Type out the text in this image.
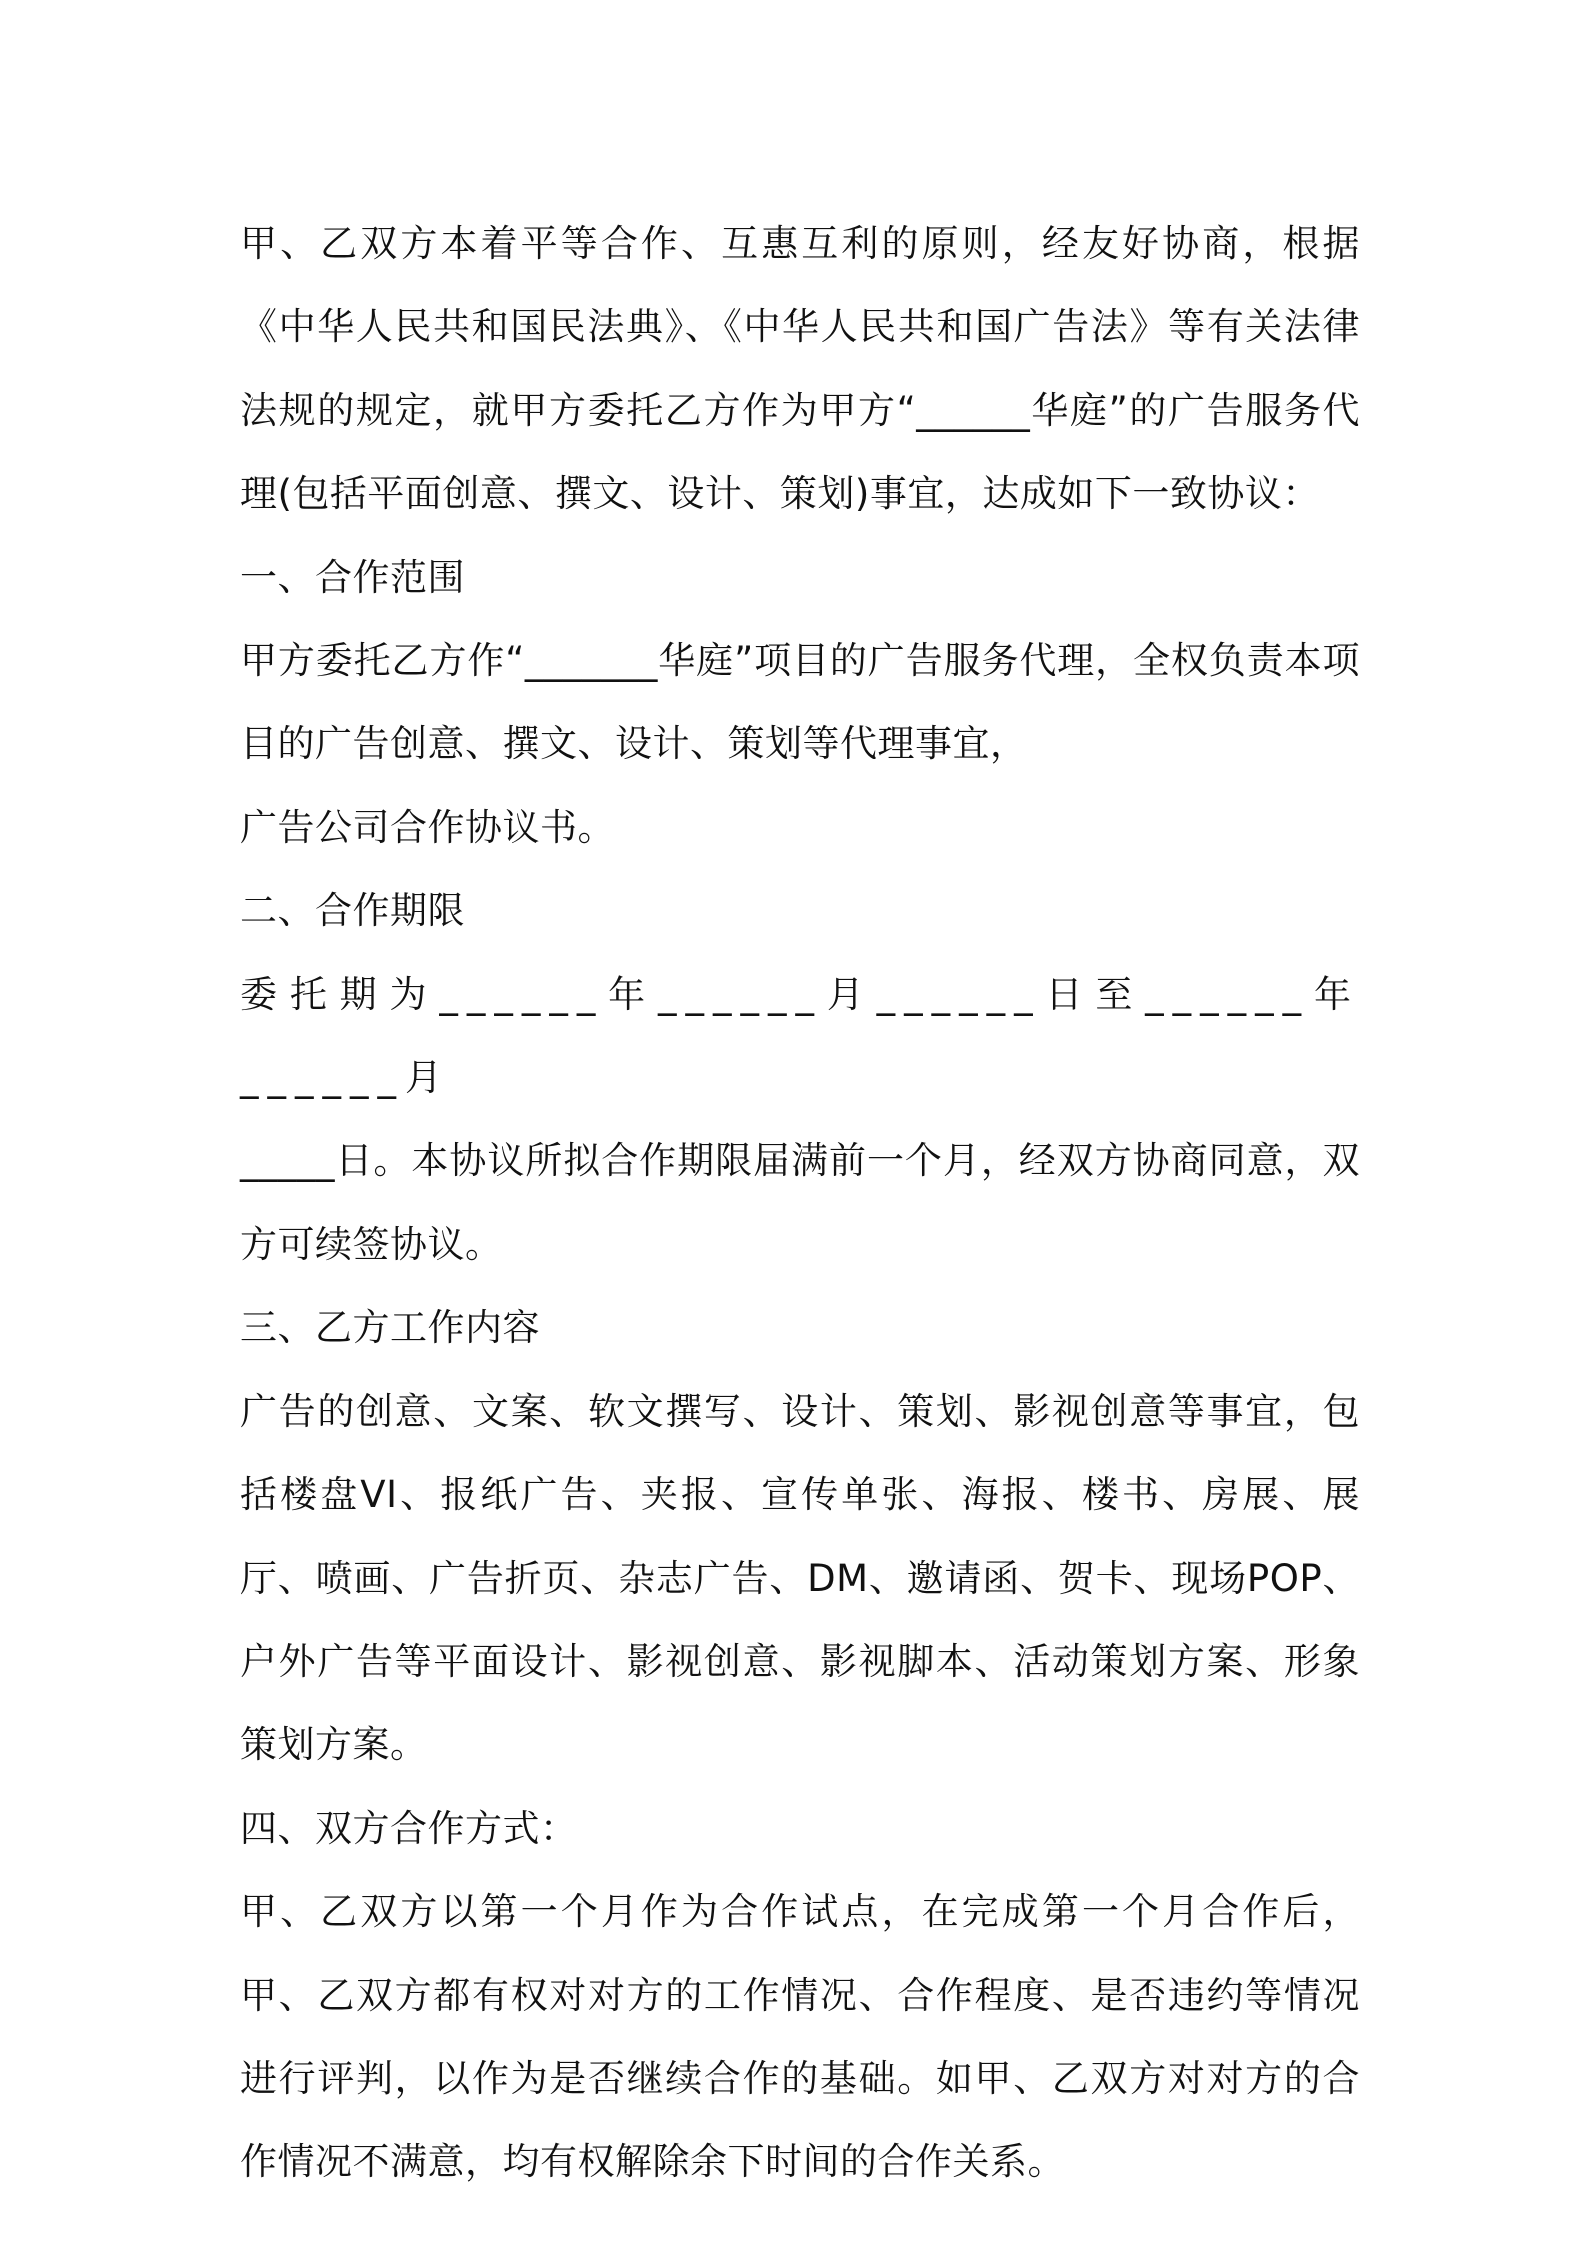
甲、乙双方本着平等合作、互惠互利的原则，经友好协商，根据《中华人民共和国民法典》、《中华人民共和国广告法》等有关法律法规的规定，就甲方委托乙方作为甲方“______华庭”的广告服务代理(包括平面创意、撰文、设计、策划)事宜，达成如下一致协议：

一、合作范围

甲方委托乙方作“_______华庭”项目的广告服务代理，全权负责本项目的广告创意、撰文、设计、策划等代理事宜，

广告公司合作协议书。

二、合作期限

委托期为______年______月______日至______年______月

_____日。本协议所拟合作期限届满前一个月，经双方协商同意，双方可续签协议。

三、乙方工作内容

广告的创意、文案、软文撰写、设计、策划、影视创意等事宜，包括楼盘VI、报纸广告、夹报、宣传单张、海报、楼书、房展、展厅、喷画、广告折页、杂志广告、DM、邀请函、贺卡、现场POP、户外广告等平面设计、影视创意、影视脚本、活动策划方案、形象策划方案。

四、双方合作方式：

甲、乙双方以第一个月作为合作试点，在完成第一个月合作后，甲、乙双方都有权对对方的工作情况、合作程度、是否违约等情况进行评判，以作为是否继续合作的基础。如甲、乙双方对对方的合作情况不满意，均有权解除余下时间的合作关系。
